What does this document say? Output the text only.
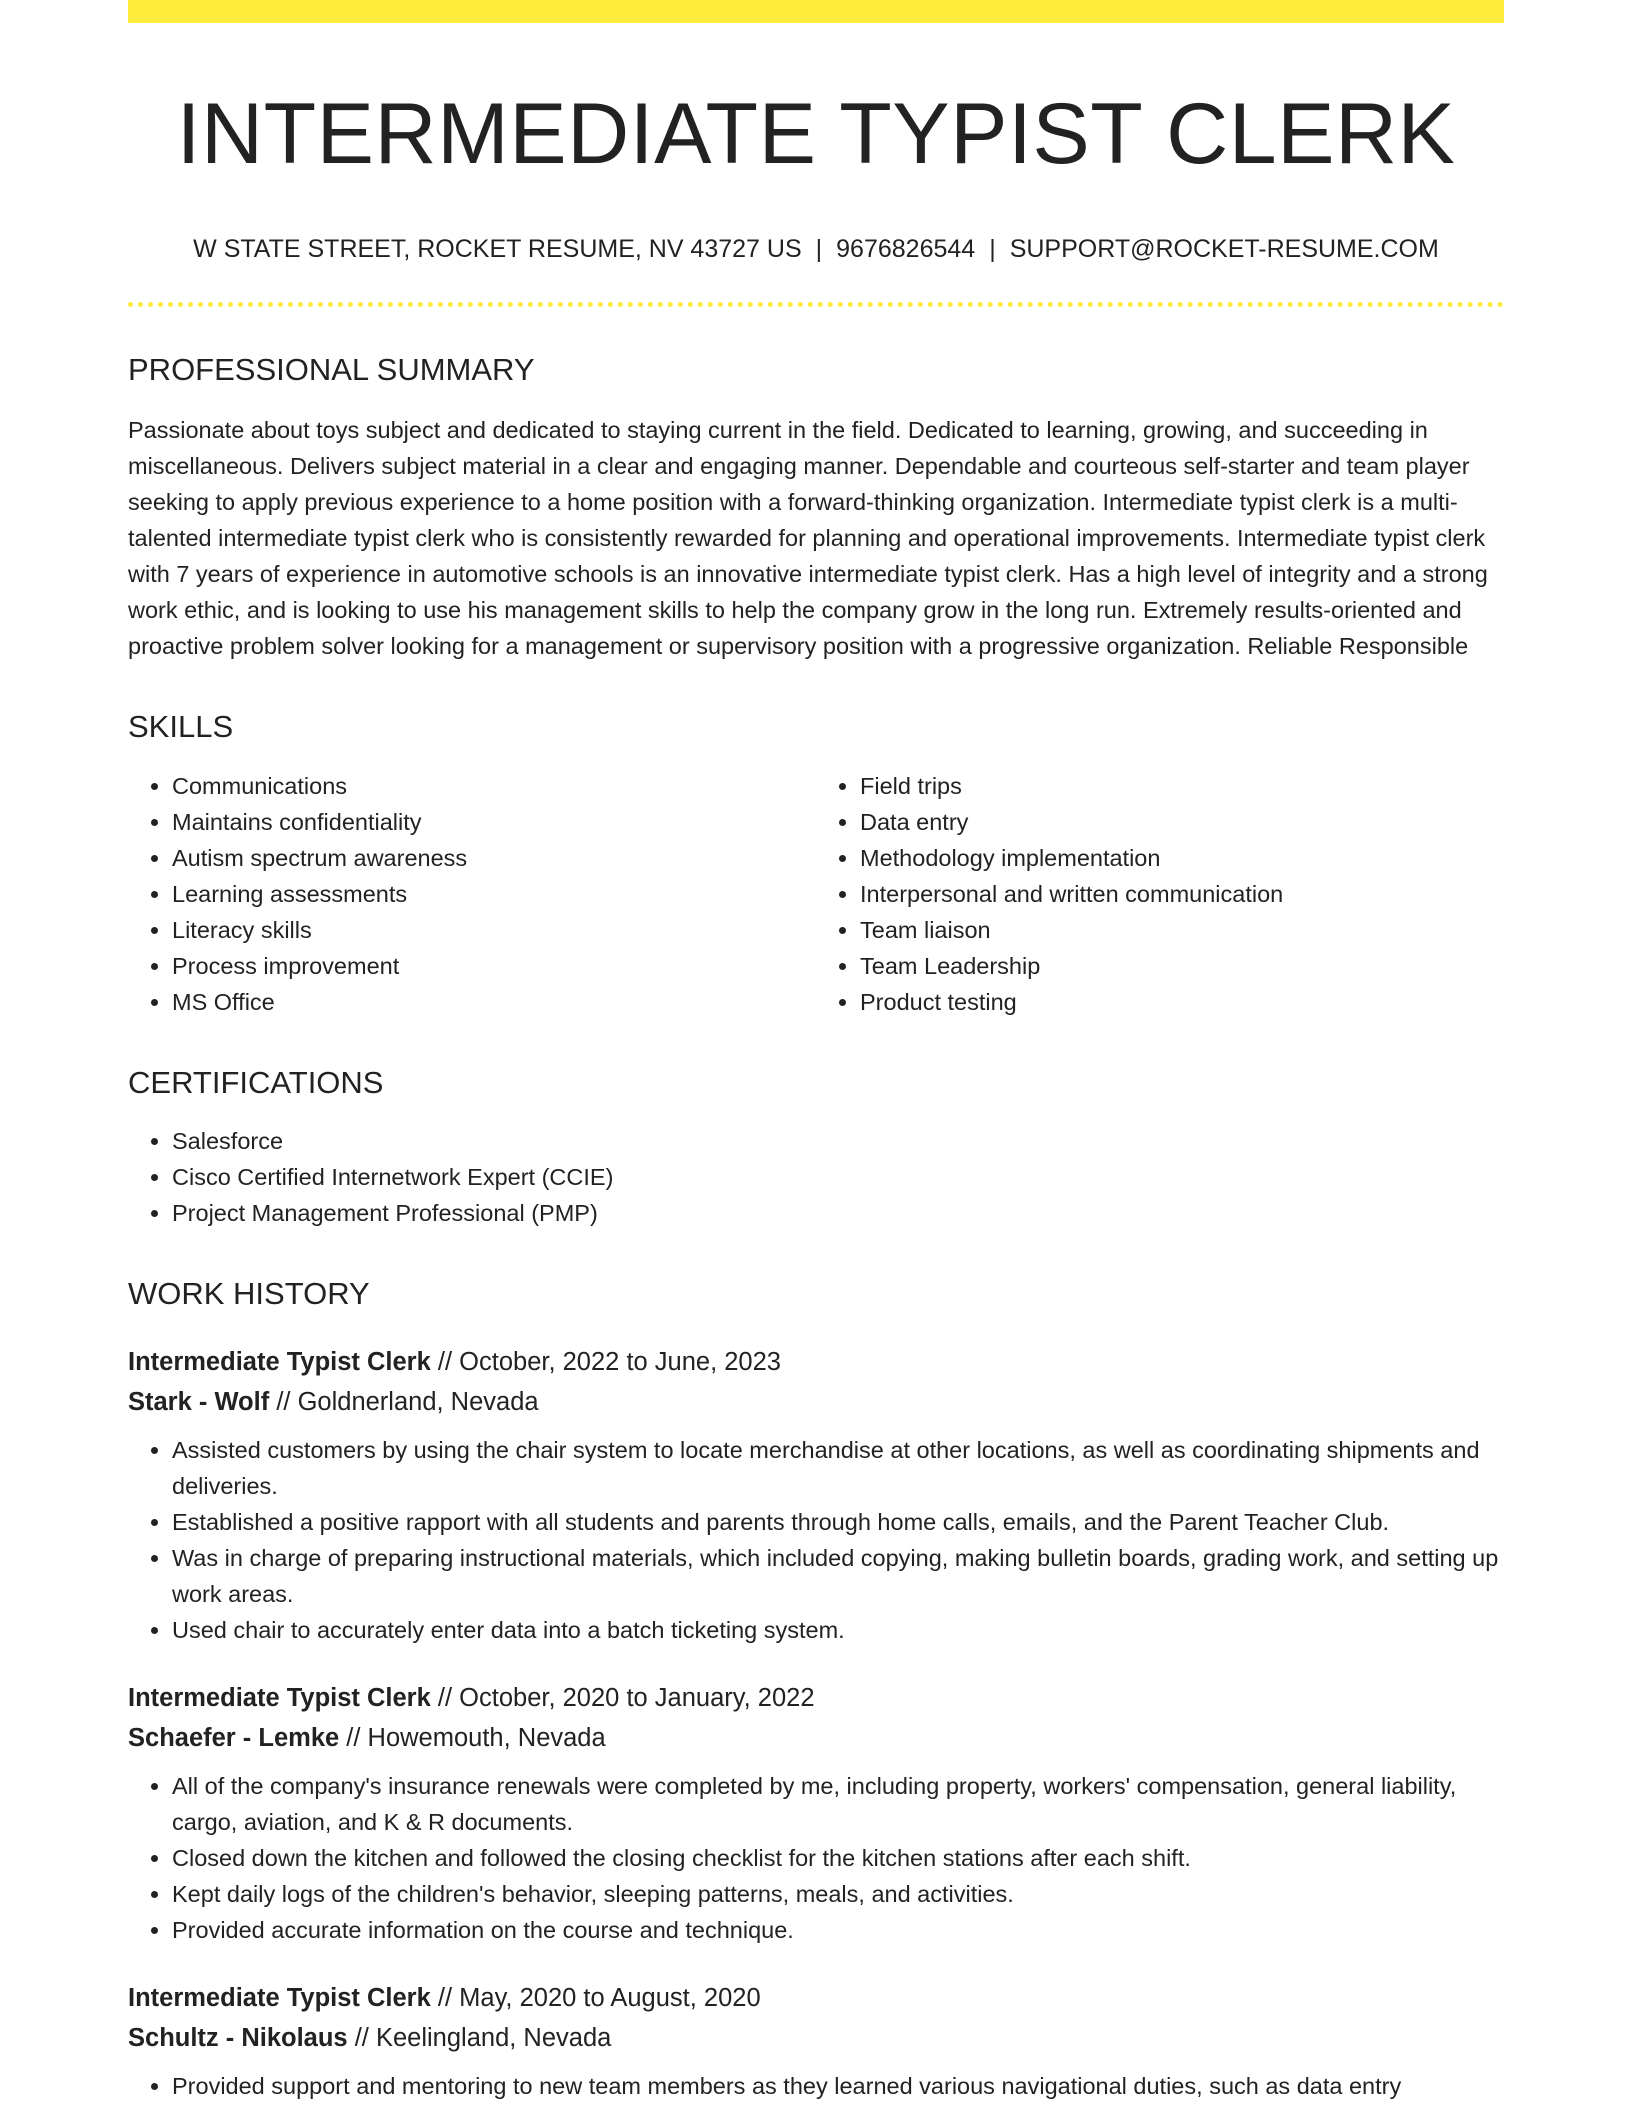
INTERMEDIATE TYPIST CLERK
W STATE STREET, ROCKET RESUME, NV 43727 US | 9676826544 | SUPPORT@ROCKET-RESUME.COM
PROFESSIONAL SUMMARY
Passionate about toys subject and dedicated to staying current in the field. Dedicated to learning, growing, and succeeding in miscellaneous. Delivers subject material in a clear and engaging manner. Dependable and courteous self-starter and team player seeking to apply previous experience to a home position with a forward-thinking organization. Intermediate typist clerk is a multi-talented intermediate typist clerk who is consistently rewarded for planning and operational improvements. Intermediate typist clerk with 7 years of experience in automotive schools is an innovative intermediate typist clerk. Has a high level of integrity and a strong work ethic, and is looking to use his management skills to help the company grow in the long run. Extremely results-oriented and proactive problem solver looking for a management or supervisory position with a progressive organization. Reliable Responsible
SKILLS
• Communications
• Maintains confidentiality
• Autism spectrum awareness
• Learning assessments
• Literacy skills
• Process improvement
• MS Office
• Field trips
• Data entry
• Methodology implementation
• Interpersonal and written communication
• Team liaison
• Team Leadership
• Product testing
CERTIFICATIONS
• Salesforce
• Cisco Certified Internetwork Expert (CCIE)
• Project Management Professional (PMP)
WORK HISTORY
Intermediate Typist Clerk // October, 2022 to June, 2023
Stark - Wolf // Goldnerland, Nevada
• Assisted customers by using the chair system to locate merchandise at other locations, as well as coordinating shipments and deliveries.
• Established a positive rapport with all students and parents through home calls, emails, and the Parent Teacher Club.
• Was in charge of preparing instructional materials, which included copying, making bulletin boards, grading work, and setting up work areas.
• Used chair to accurately enter data into a batch ticketing system.
Intermediate Typist Clerk // October, 2020 to January, 2022
Schaefer - Lemke // Howemouth, Nevada
• All of the company's insurance renewals were completed by me, including property, workers' compensation, general liability, cargo, aviation, and K & R documents.
• Closed down the kitchen and followed the closing checklist for the kitchen stations after each shift.
• Kept daily logs of the children's behavior, sleeping patterns, meals, and activities.
• Provided accurate information on the course and technique.
Intermediate Typist Clerk // May, 2020 to August, 2020
Schultz - Nikolaus // Keelingland, Nevada
• Provided support and mentoring to new team members as they learned various navigational duties, such as data entry
